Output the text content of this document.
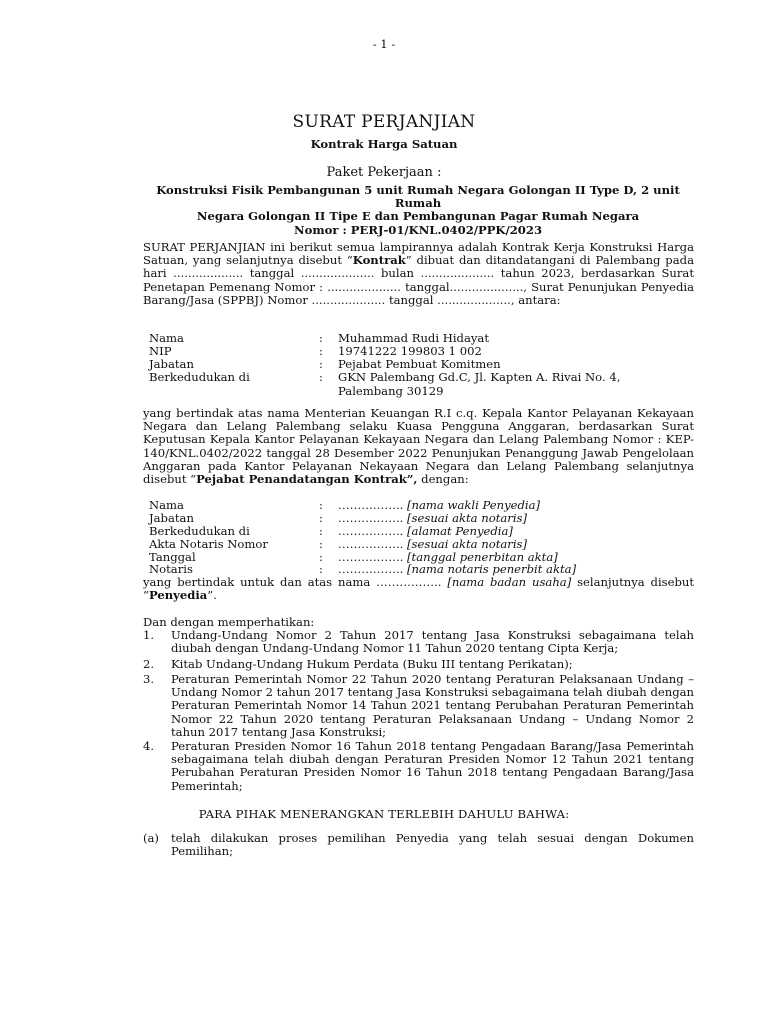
- 1 -
SURAT PERJANJIAN
Kontrak Harga Satuan
Paket Pekerjaan :
Konstruksi Fisik Pembangunan 5 unit Rumah Negara Golongan II Type D, 2 unit Rumah
Negara Golongan II Tipe E dan Pembangunan Pagar Rumah Negara
Nomor : PERJ-01/KNL.0402/PPK/2023
SURAT PERJANJIAN ini berikut semua lampirannya adalah Kontrak Kerja Konstruksi Harga Satuan, yang selanjutnya disebut “Kontrak” dibuat dan ditandatangani di Palembang pada hari ................... tanggal .................... bulan .................... tahun 2023, berdasarkan Surat Penetapan Pemenang Nomor : .................... tanggal...................., Surat Penunjukan Penyedia Barang/Jasa (SPPBJ) Nomor .................... tanggal ...................., antara:
Nama	: Muhammad Rudi Hidayat
NIP	: 19741222 199803 1 002
Jabatan	: Pejabat Pembuat Komitmen
Berkedudukan di	: GKN Palembang Gd.C, Jl. Kapten A. Rivai No. 4,
Palembang 30129
yang bertindak atas nama Menterian Keuangan R.I c.q. Kepala Kantor Pelayanan Kekayaan Negara dan Lelang Palembang selaku Kuasa Pengguna Anggaran, berdasarkan Surat Keputusan Kepala Kantor Pelayanan Kekayaan Negara dan Lelang Palembang Nomor : KEP-140/KNL.0402/2022 tanggal 28 Desember 2022 Penunjukan Penanggung Jawab Pengelolaan Anggaran pada Kantor Pelayanan Nekayaan Negara dan Lelang Palembang selanjutnya disebut “Pejabat Penandatangan Kontrak”, dengan:
Nama	: …………….. [nama wakli Penyedia]
Jabatan	: …………….. [sesuai akta notaris]
Berkedudukan di	: …………….. [alamat Penyedia]
Akta Notaris Nomor	: …………….. [sesuai akta notaris]
Tanggal	: …………….. [tanggal penerbitan akta]
Notaris	: …………….. [nama notaris penerbit akta]
yang bertindak untuk dan atas nama …………….. [nama badan usaha] selanjutnya disebut
“Penyedia”.
Dan dengan memperhatikan:
1. Undang-Undang Nomor 2 Tahun 2017 tentang Jasa Konstruksi sebagaimana telah diubah dengan Undang-Undang Nomor 11 Tahun 2020 tentang Cipta Kerja;
2. Kitab Undang-Undang Hukum Perdata (Buku III tentang Perikatan);
3. Peraturan Pemerintah Nomor 22 Tahun 2020 tentang Peraturan Pelaksanaan Undang – Undang Nomor 2 tahun 2017 tentang Jasa Konstruksi sebagaimana telah diubah dengan Peraturan Pemerintah Nomor 14 Tahun 2021 tentang Perubahan Peraturan Pemerintah Nomor 22 Tahun 2020 tentang Peraturan Pelaksanaan Undang – Undang Nomor 2 tahun 2017 tentang Jasa Konstruksi;
4. Peraturan Presiden Nomor 16 Tahun 2018 tentang Pengadaan Barang/Jasa Pemerintah sebagaimana telah diubah dengan Peraturan Presiden Nomor 12 Tahun 2021 tentang Perubahan Peraturan Presiden Nomor 16 Tahun 2018 tentang Pengadaan Barang/Jasa Pemerintah;
PARA PIHAK MENERANGKAN TERLEBIH DAHULU BAHWA:
(a) telah dilakukan proses pemilihan Penyedia yang telah sesuai dengan Dokumen Pemilihan;
